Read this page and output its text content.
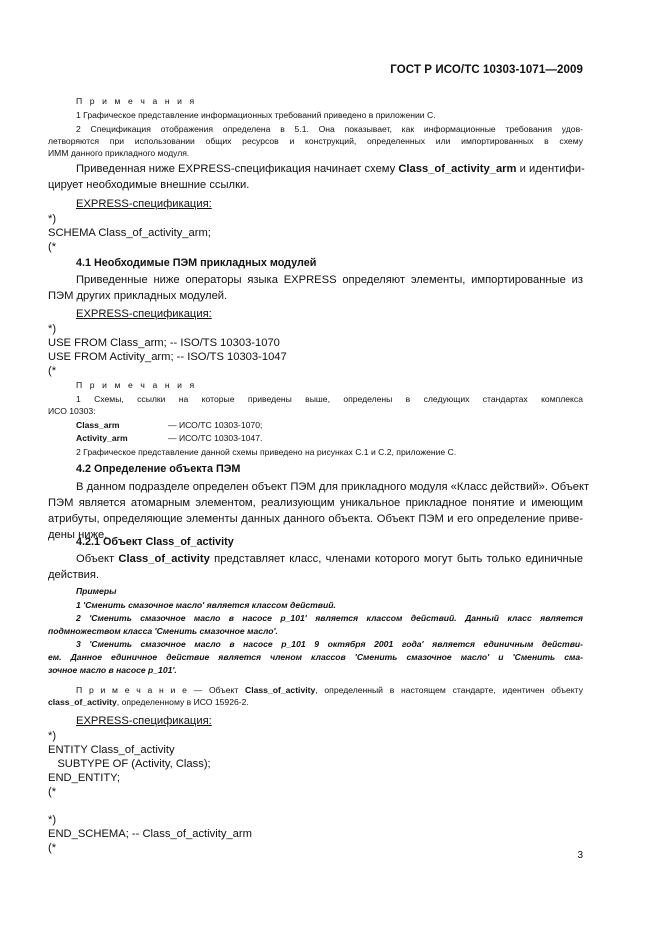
ГОСТ Р ИСО/ТС 10303-1071—2009
П р и м е ч а н и я
1 Графическое представление информационных требований приведено в приложении С.
2 Спецификация отображения определена в 5.1. Она показывает, как информационные требования удов-
летворяются при использовании общих ресурсов и конструкций, определенных или импортированных в схему
ИММ данного прикладного модуля.
Приведенная ниже EXPRESS-спецификация начинает схему Class_of_activity_arm и идентифи-
цирует необходимые внешние ссылки.
EXPRESS-спецификация:
*)
SCHEMA Class_of_activity_arm;
(*
4.1 Необходимые ПЭМ прикладных модулей
Приведенные ниже операторы языка EXPRESS определяют элементы, импортированные из
ПЭМ других прикладных модулей.
EXPRESS-спецификация:
*)
USE FROM Class_arm; -- ISO/TS 10303-1070
USE FROM Activity_arm; -- ISO/TS 10303-1047
(*
П р и м е ч а н и я
1 Схемы, ссылки на которые приведены выше, определены в следующих стандартах комплекса
ИСО 10303:
Class_arm	— ИСО/ТС 10303-1070;
Activity_arm	— ИСО/ТС 10303-1047.
2 Графическое представление данной схемы приведено на рисунках С.1 и С.2, приложение С.
4.2 Определение объекта ПЭМ
В данном подразделе определен объект ПЭМ для прикладного модуля «Класс действий». Объект
ПЭМ является атомарным элементом, реализующим уникальное прикладное понятие и имеющим
атрибуты, определяющие элементы данных данного объекта. Объект ПЭМ и его определение приве-
дены ниже.
4.2.1 Объект Class_of_activity
Объект Class_of_activity представляет класс, членами которого могут быть только единичные
действия.
Примеры
1 'Сменить смазочное масло' является классом действий.
2 'Сменить смазочное масло в насосе p_101' является классом действий. Данный класс является
подмножеством класса 'Сменить смазочное масло'.
3 'Сменить смазочное масло в насосе p_101 9 октября 2001 года' является единичным действи-
ем. Данное единичное действие является членом классов 'Сменить смазочное масло' и 'Сменить сма-
зочное масло в насосе p_101'.
П р и м е ч а н и е — Объект Class_of_activity, определенный в настоящем стандарте, идентичен объекту
class_of_activity, определенному в ИСО 15926-2.
EXPRESS-спецификация:
*)
ENTITY Class_of_activity
SUBTYPE OF (Activity, Class);
END_ENTITY;
(*
*)
END_SCHEMA; -- Class_of_activity_arm
(*
3
